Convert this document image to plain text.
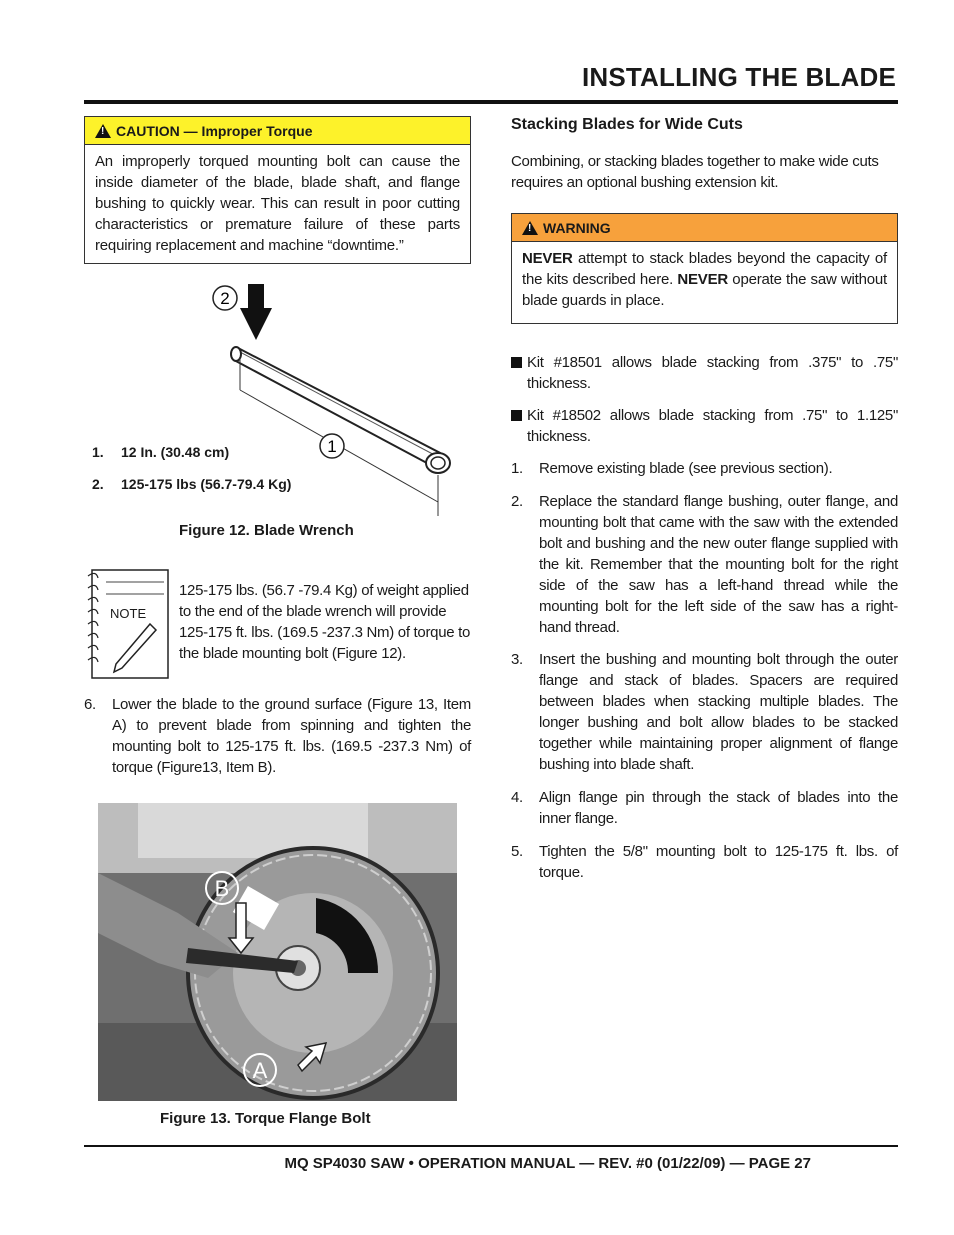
INSTALLING THE BLADE
!
CAUTION — Improper Torque
An improperly torqued mounting bolt can cause the inside diameter of the blade, blade shaft, and flange bushing to quickly wear. This can result in poor cutting characteristics or premature failure of these parts requiring replacement and machine “downtime.”
2
1
1. 12 In. (30.48 cm)
2. 125-175 lbs (56.7-79.4 Kg)
Figure 12. Blade Wrench
NOTE
125-175 lbs. (56.7 -79.4 Kg) of weight applied to the end of the blade wrench will provide 125-175 ft. lbs. (169.5 -237.3 Nm) of torque to the blade mounting bolt (Figure 12).
6.	Lower the blade to the ground surface (Figure 13, Item A) to prevent blade from spinning and tighten the mounting bolt to 125-175 ft. lbs. (169.5 -237.3 Nm) of torque (Figure13, Item B).
B
A
Figure 13. Torque Flange Bolt
Stacking Blades for Wide Cuts
Combining, or stacking blades together to make wide cuts requires an optional bushing extension kit.
!
WARNING
NEVER attempt to stack blades beyond the capacity of the kits described here. NEVER operate the saw without blade guards in place.
Kit #18501 allows blade stacking from .375" to .75" thickness.
Kit #18502 allows blade stacking from .75" to 1.125" thickness.
1.	Remove existing blade (see previous section).
2.	Replace the standard flange bushing, outer flange, and mounting bolt that came with the saw with the extended bolt and bushing and the new outer flange supplied with the kit. Remember that the mounting bolt for the right side of the saw has a left-hand thread while the mounting bolt for the left side of the saw has a right-hand thread.
3.	Insert the bushing and mounting bolt through the outer flange and stack of blades. Spacers are required between blades when stacking multiple blades. The longer bushing and bolt allow blades to be stacked together while maintaining proper alignment of flange bushing into blade shaft.
4.	Align flange pin through the stack of blades into the inner flange.
5.	Tighten the 5/8" mounting bolt to 125-175 ft. lbs. of torque.
MQ SP4030 SAW • OPERATION MANUAL — REV. #0 (01/22/09) — PAGE 27
